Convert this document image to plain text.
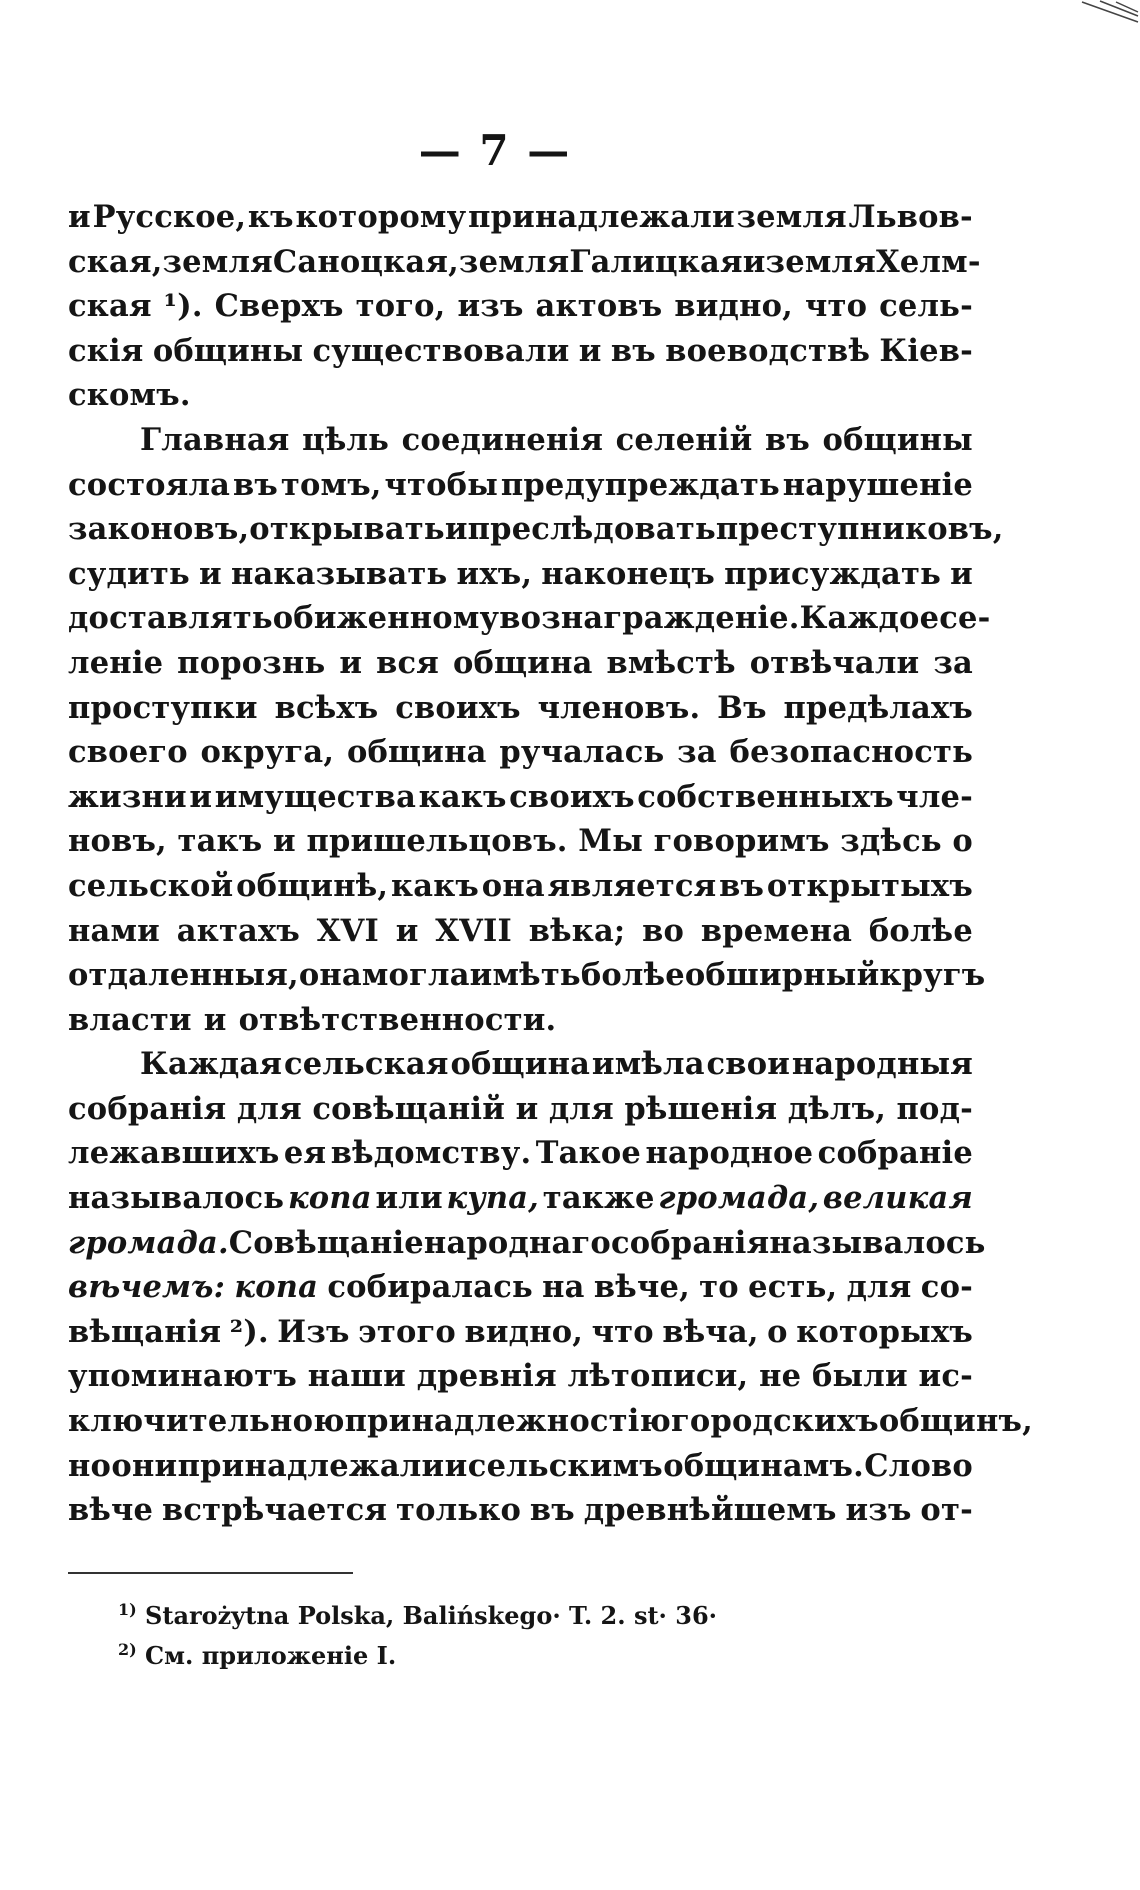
— 7 —
и Русское, къ которому принадлежали земля Львов-
ская, земля Саноцкая, земля Галицкая и земля Хелм-
ская ¹). Сверхъ того, изъ актовъ видно, что сель-
скія общины существовали и въ воеводствѣ Кіев-
скомъ.
Главная цѣль соединенія селеній въ общины
состояла въ томъ, чтобы предупреждать нарушеніе
законовъ, открывать и преслѣдовать преступниковъ,
судить и наказывать ихъ, наконецъ присуждать и
доставлять обиженному вознагражденіе. Каждое се-
леніе порознь и вся община вмѣстѣ отвѣчали за
проступки всѣхъ своихъ членовъ. Въ предѣлахъ
своего округа, община ручалась за безопасность
жизни и имущества какъ своихъ собственныхъ чле-
новъ, такъ и пришельцовъ. Мы говоримъ здѣсь о
сельской общинѣ, какъ она является въ открытыхъ
нами актахъ XVI и XVII вѣка; во времена болѣе
отдаленныя, она могла имѣть болѣе обширный кругъ
власти и отвѣтственности.
Каждая сельская община имѣла свои народныя
собранія для совѣщаній и для рѣшенія дѣлъ, под-
лежавшихъ ея вѣдомству. Такое народное собраніе
называлось копа или купа, также громада, великая
громада. Совѣщаніе народнаго собранія называлось
вѣчемъ: копа собиралась на вѣче, то есть, для со-
вѣщанія ²). Изъ этого видно, что вѣча, о которыхъ
упоминаютъ наши древнія лѣтописи, не были ис-
ключительною принадлежностію городскихъ общинъ,
но они принадлежали и сельскимъ общинамъ. Слово
вѣче встрѣчается только въ древнѣйшемъ изъ от-
$^{1)}$ Starożytna Polska, Balińskego· T. 2. st· 36·
$^{2)}$ См. приложеніе I.
